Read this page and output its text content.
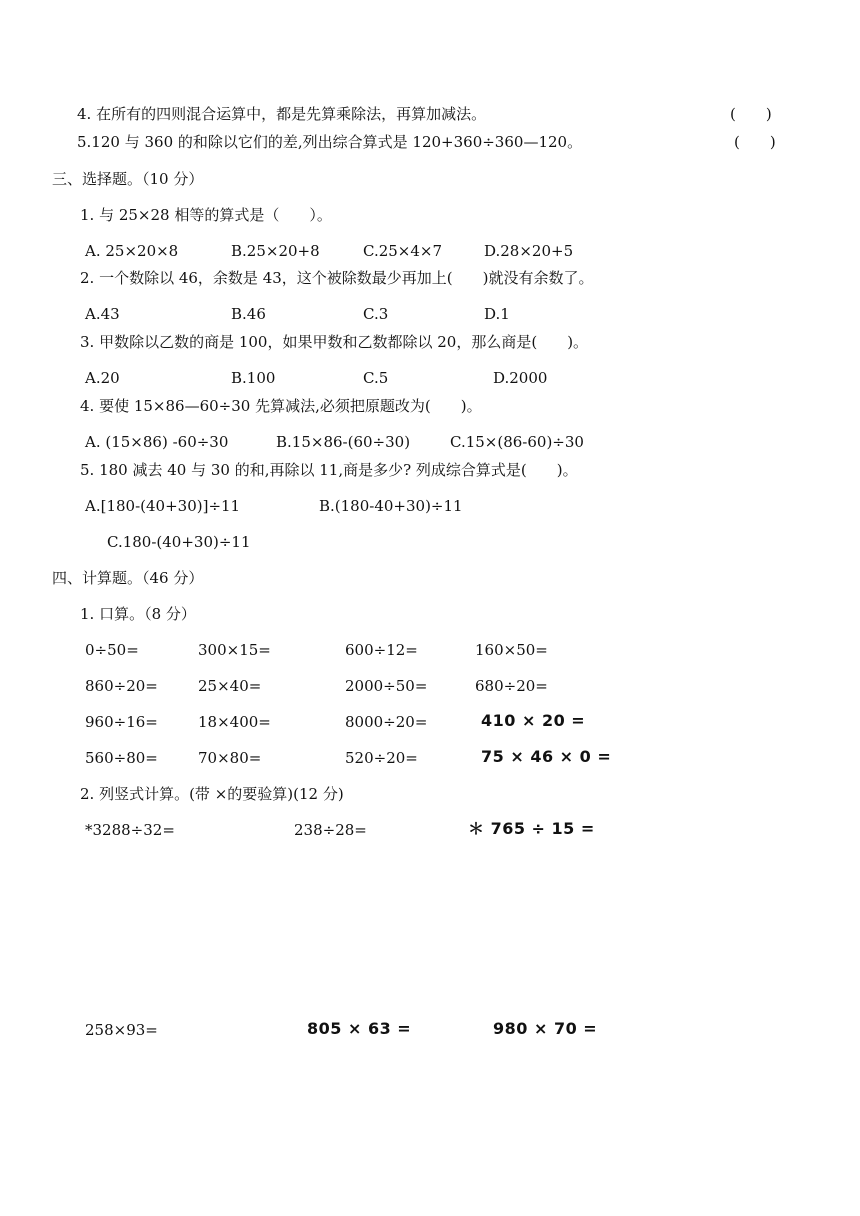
4. 在所有的四则混合运算中，都是先算乘除法，再算加减法。	(　　)
5.120 与 360 的和除以它们的差,列出综合算式是 120+360÷360—120。	(　　)
三、选择题。（10 分）
1. 与 25×28 相等的算式是（　　）。
A. 25×20×8	B.25×20+8	C.25×4×7	D.28×20+5
2. 一个数除以 46，余数是 43，这个被除数最少再加上(　　)就没有余数了。
A.43	B.46	C.3	D.1
3. 甲数除以乙数的商是 100，如果甲数和乙数都除以 20，那么商是(　　)。
A.20	B.100	C.5	D.2000
4. 要使 15×86—60÷30 先算减法,必须把原题改为(　　)。
A. (15×86) -60÷30	B.15×86-(60÷30)	C.15×(86-60)÷30
5. 180 减去 40 与 30 的和,再除以 11,商是多少? 列成综合算式是(　　)。
A.[180-(40+30)]÷11	B.(180-40+30)÷11
C.180-(40+30)÷11
四、计算题。（46 分）
1. 口算。（8 分）
0÷50=	300×15=	600÷12=	160×50=
860÷20=	25×40=	2000÷50=	680÷20=
960÷16=	18×400=	8000÷20=	410 × 20 =
560÷80=	70×80=	520÷20=	75 × 46 × 0 =
2. 列竖式计算。(带 ×的要验算)(12 分)
*3288÷32=	238÷28=	＊ 765 ÷ 15 =
258×93=	805 × 63 =	980 × 70 =
